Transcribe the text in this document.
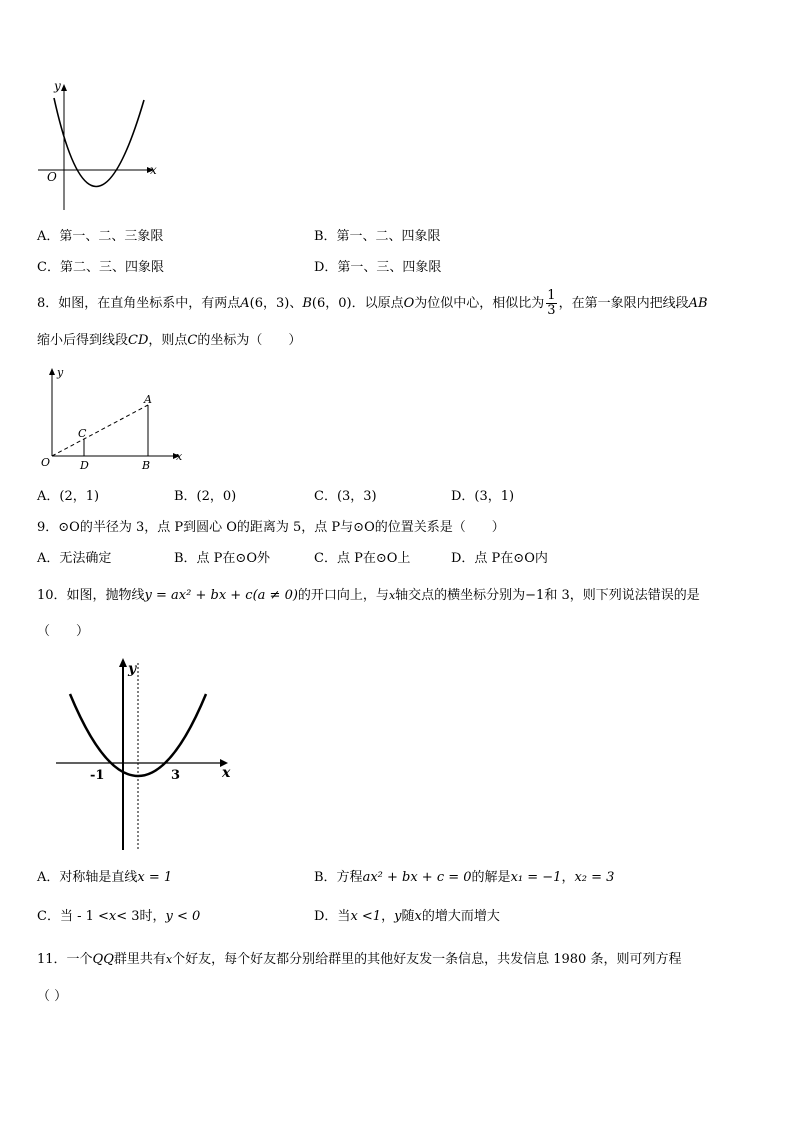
y
x
O
A．第一、二、三象限	B．第一、二、四象限
C．第二、三、四象限	D．第一、三、四象限
8．如图，在直角坐标系中，有两点A(6，3)、B(6，0)．以原点O为位似中心，相似比为 $\frac{1}{3}$ ，在第一象限内把线段AB
缩小后得到线段CD，则点C的坐标为（　　）
y
x
A
B
C
D
O
A．(2，1)	B．(2，0)	C．(3，3)	D．(3，1)
9．⊙O的半径为 3，点 P到圆心 O的距离为 5，点 P与⊙O的位置关系是（　　）
A．无法确定	B．点 P在⊙O外	C．点 P在⊙O上	D．点 P在⊙O内
10．如图，抛物线y = ax² + bx + c(a ≠ 0)的开口向上，与x轴交点的横坐标分别为−1和 3，则下列说法错误的是
（　　）
y
x
-1	3
A．对称轴是直线x = 1	B．方程ax² + bx + c = 0的解是x₁ = −1，x₂ = 3
C．当 - 1 <x< 3时，y < 0	D．当x <1，y随x的增大而增大
11．一个QQ群里共有x个好友，每个好友都分别给群里的其他好友发一条信息，共发信息 1980 条，则可列方程
（ ）
